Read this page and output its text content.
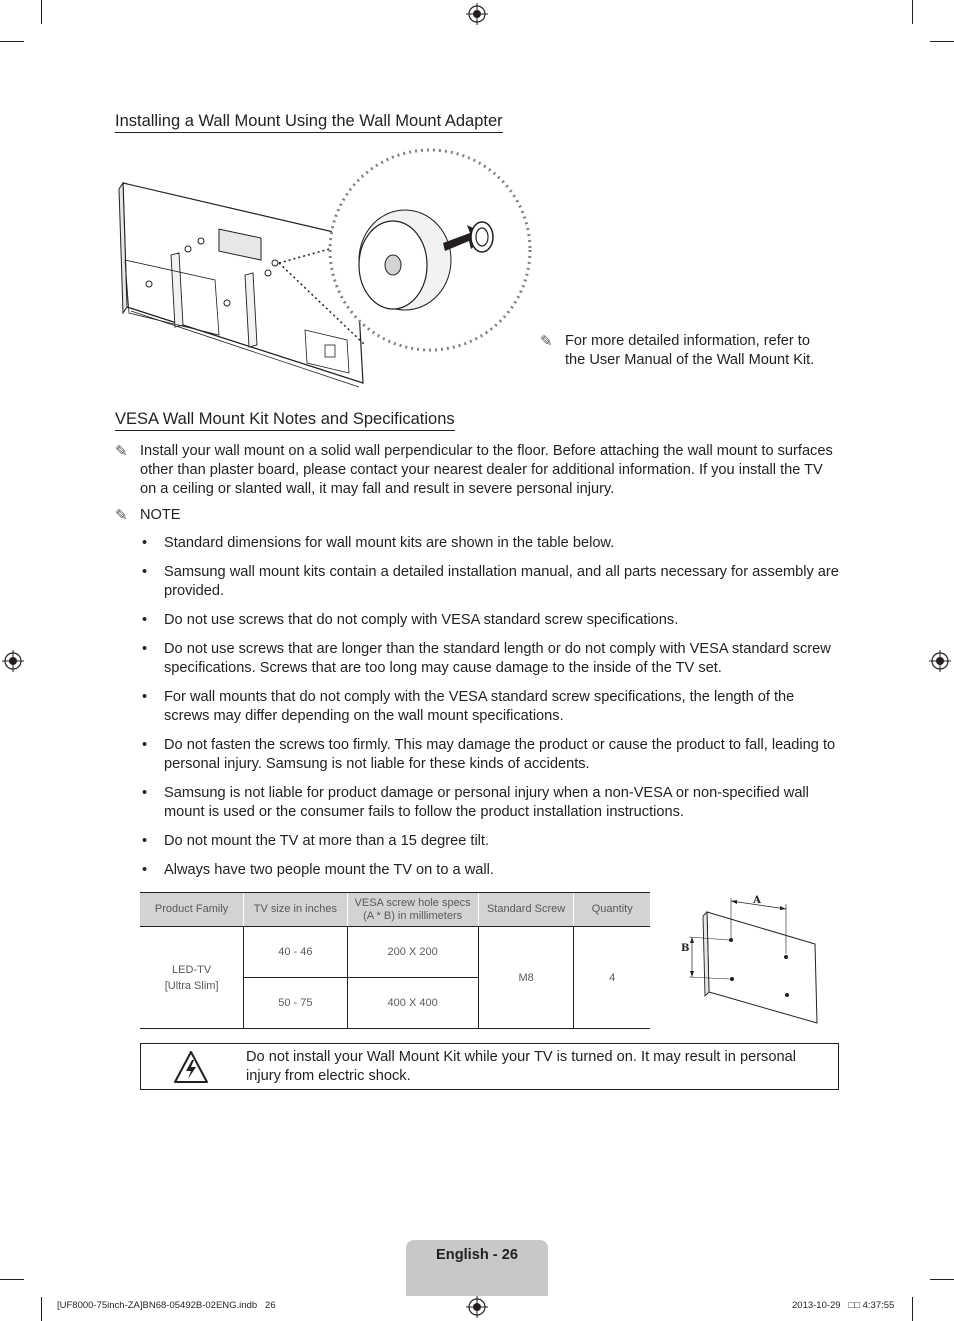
Installing a Wall Mount Using the Wall Mount Adapter
✎ For more detailed information, refer to
the User Manual of the Wall Mount Kit.
VESA Wall Mount Kit Notes and Specifications
✎ Install your wall mount on a solid wall perpendicular to the floor. Before attaching the wall mount to surfaces other than plaster board, please contact your nearest dealer for additional information. If you install the TV on a ceiling or slanted wall, it may fall and result in severe personal injury.
✎ NOTE
• Standard dimensions for wall mount kits are shown in the table below.
• Samsung wall mount kits contain a detailed installation manual, and all parts necessary for assembly are provided.
• Do not use screws that do not comply with VESA standard screw specifications.
• Do not use screws that are longer than the standard length or do not comply with VESA standard screw specifications. Screws that are too long may cause damage to the inside of the TV set.
• For wall mounts that do not comply with the VESA standard screw specifications, the length of the screws may differ depending on the wall mount specifications.
• Do not fasten the screws too firmly. This may damage the product or cause the product to fall, leading to personal injury. Samsung is not liable for these kinds of accidents.
• Samsung is not liable for product damage or personal injury when a non-VESA or non-specified wall mount is used or the consumer fails to follow the product installation instructions.
• Do not mount the TV at more than a 15 degree tilt.
• Always have two people mount the TV on to a wall.
Product Family	TV size in inches	VESA screw hole specs
(A * B) in millimeters	Standard Screw	Quantity

LED-TV
[Ultra Slim]	40 - 46	200 X 200	M8	4
	50 - 75	400 X 400		
A
B
Do not install your Wall Mount Kit while your TV is turned on. It may result in personal
injury from electric shock.
English - 26
[UF8000-75inch-ZA]BN68-05492B-02ENG.indb   26	2013-10-29   □□ 4:37:55
